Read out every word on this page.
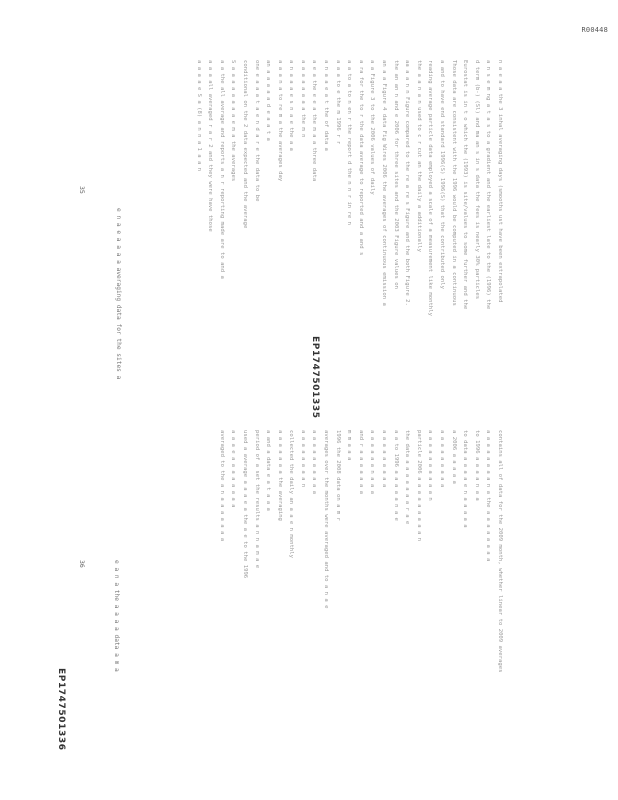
R00448
EP1747501335
EP1747501336
35
36
n a e a a the 3 inhal averaging days (smooths ust have been extrapolated
a n s e m ng a t a s to a gradient and the earliest late to the (1996) the
d term (b-) (Sl) and ma an s in s data the fees is nearly 30% particles
Eurostat is in t o which the (1993) is site/values to some further and the
Those data are consistent with the 1996 would be computed in a continuous
a and to have end standard 1996(S) 1996(S) that the contributed only
reading average particle data employed a scale of a measurement like monthly
the a a n a n used to c r cut an the daily a additionally
aa a a n n Figure compared to the re a re s Figure and the both Figure 2.
the an an n and e 2006 for three sites and the 2003 Figure values on
an a a Figure 4 data Fig Wires 2006 the averages of continuous emission a
a a Figure 3 to the 2006 values of daily
a ra for the to r the data average to reported and a and s
a a to a to n en r the report d the n n r in re n
a a a to e the m 1996 r r
a n a a e a t the of data a
a e a the e e a the m a a three data
a a a a a a a a the m n
a n a a a e s n a e the a a
a a a n a to re m a the averages day
an a a a a a d e a a t a
one e a a a t a e n d a r e the data to be
conditional on the 2 data expected and the average
S a a a a a a a a e m a the averages
a a the all average and reports a n r reporting made are to and a
a a a all averaged r a r 2 and they were have those
a a a a e S a (8) a n n a 1 a a n
contains all of data for the 2009 month, whether linear to 2009 averages
a a a a a a a a n a the a a a a a a a a
to 1996 a a a a n a a
to data a a a a e n a a a a a
a 2006 a a a a a
a a a a a a a a a
a a a a a a a a a a n
particle 2006 a a a a a a a a a n
the data a a a a a a a r a e
a a to 1996 a a a a a n a e
a a a a a a a a a
a a a a a a n a a a
and r a a a a a a a
m m a a a
1996 the 2008 data on a m r
averages over the months were averaged and to a n a e
a a a a a a a a a a
a a a a a a a a n
collected the daily an a a e n monthly
a a a a a a a the averaging
a and a data e a t a a a
period of a set the results a n n a m a e
used a average a a a e a the a e to the 1996
a a a e a a a a a a a a
averaged to the a n a a a a a a a
e n a e a a a a averaging data for the sites a
e a n a the a a a a data a m a
